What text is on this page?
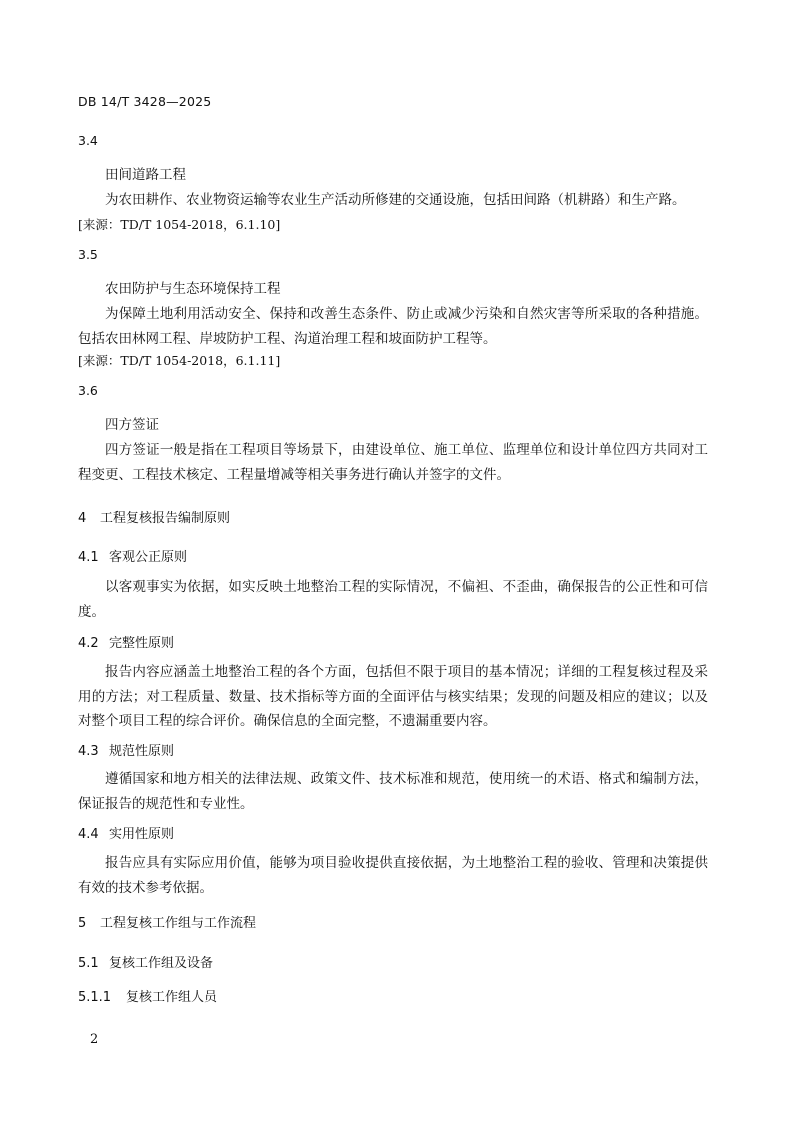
DB 14/T 3428—2025
3.4
田间道路工程
为农田耕作、农业物资运输等农业生产活动所修建的交通设施，包括田间路（机耕路）和生产路。
[来源：TD/T 1054-2018，6.1.10]
3.5
农田防护与生态环境保持工程
为保障土地利用活动安全、保持和改善生态条件、防止或减少污染和自然灾害等所采取的各种措施。包括农田林网工程、岸坡防护工程、沟道治理工程和坡面防护工程等。
[来源：TD/T 1054-2018，6.1.11]
3.6
四方签证
四方签证一般是指在工程项目等场景下，由建设单位、施工单位、监理单位和设计单位四方共同对工程变更、工程技术核定、工程量增减等相关事务进行确认并签字的文件。
4 工程复核报告编制原则
4.1 客观公正原则
以客观事实为依据，如实反映土地整治工程的实际情况，不偏袒、不歪曲，确保报告的公正性和可信度。
4.2 完整性原则
报告内容应涵盖土地整治工程的各个方面，包括但不限于项目的基本情况；详细的工程复核过程及采用的方法；对工程质量、数量、技术指标等方面的全面评估与核实结果；发现的问题及相应的建议；以及对整个项目工程的综合评价。确保信息的全面完整，不遗漏重要内容。
4.3 规范性原则
遵循国家和地方相关的法律法规、政策文件、技术标准和规范，使用统一的术语、格式和编制方法，保证报告的规范性和专业性。
4.4 实用性原则
报告应具有实际应用价值，能够为项目验收提供直接依据，为土地整治工程的验收、管理和决策提供有效的技术参考依据。
5 工程复核工作组与工作流程
5.1 复核工作组及设备
5.1.1 复核工作组人员
2
